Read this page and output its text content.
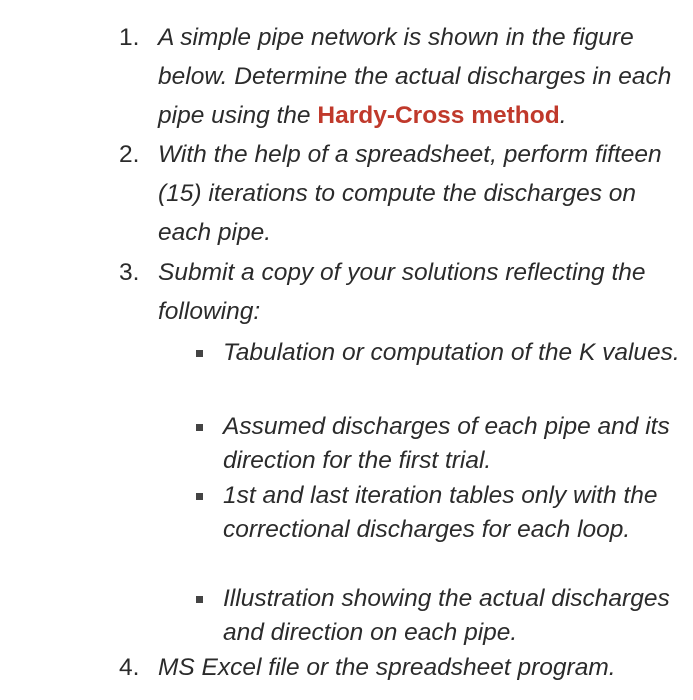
1. A simple pipe network is shown in the figure below. Determine the actual discharges in each pipe using the Hardy-Cross method.
2. With the help of a spreadsheet, perform fifteen (15) iterations to compute the discharges on each pipe.
3. Submit a copy of your solutions reflecting the following:
Tabulation or computation of the K values.
Assumed discharges of each pipe and its direction for the first trial.
1st and last iteration tables only with the correctional discharges for each loop.
Illustration showing the actual discharges and direction on each pipe.
4. MS Excel file or the spreadsheet program.
